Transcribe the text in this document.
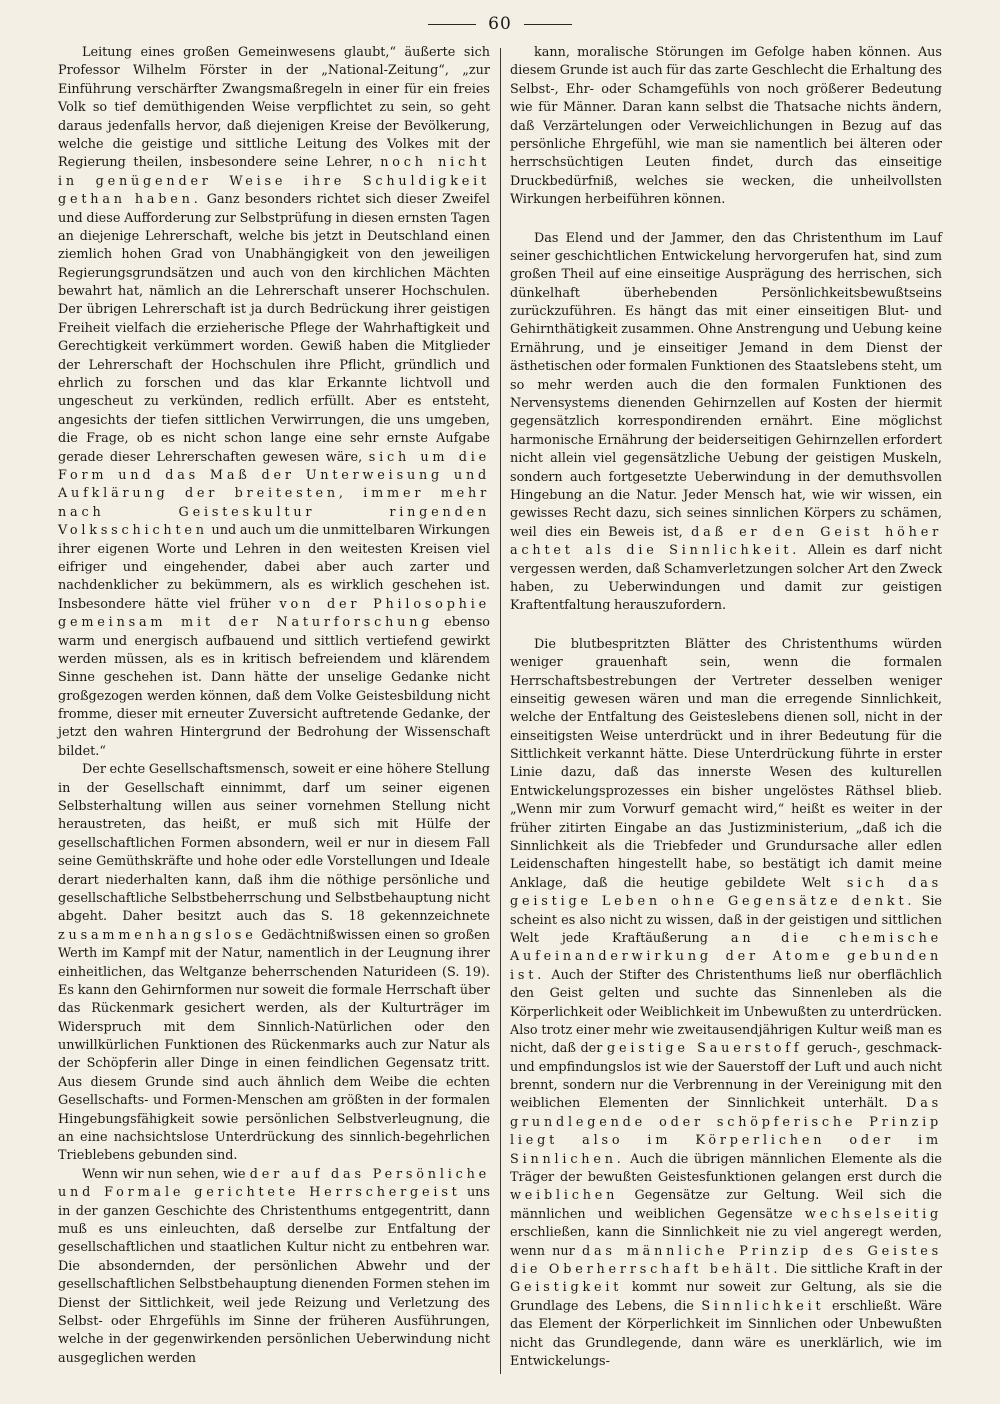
60

Leitung eines großen Gemeinwesens glaubt,“ äußerte sich Professor Wilhelm Förster in der „National-Zeitung“, „zur Einführung verschärfter Zwangsmaßregeln in einer für ein freies Volk so tief demüthigenden Weise verpflichtet zu sein, so geht daraus jedenfalls hervor, daß diejenigen Kreise der Bevölkerung, welche die geistige und sittliche Leitung des Volkes mit der Regierung theilen, insbesondere seine Lehrer, noch nicht in genügender Weise ihre Schuldigkeit gethan haben. Ganz besonders richtet sich dieser Zweifel und diese Aufforderung zur Selbstprüfung in diesen ernsten Tagen an diejenige Lehrerschaft, welche bis jetzt in Deutschland einen ziemlich hohen Grad von Unabhängigkeit von den jeweiligen Regierungsgrundsätzen und auch von den kirchlichen Mächten bewahrt hat, nämlich an die Lehrerschaft unserer Hochschulen. Der übrigen Lehrerschaft ist ja durch Bedrückung ihrer geistigen Freiheit vielfach die erzieherische Pflege der Wahrhaftigkeit und Gerechtigkeit verkümmert worden. Gewiß haben die Mitglieder der Lehrerschaft der Hochschulen ihre Pflicht, gründlich und ehrlich zu forschen und das klar Erkannte lichtvoll und ungescheut zu verkünden, redlich erfüllt. Aber es entsteht, angesichts der tiefen sittlichen Verwirrungen, die uns umgeben, die Frage, ob es nicht schon lange eine sehr ernste Aufgabe gerade dieser Lehrerschaften gewesen wäre, sich um die Form und das Maß der Unterweisung und Aufklärung der breitesten, immer mehr nach Geisteskultur ringenden Volksschichten und auch um die unmittelbaren Wirkungen ihrer eigenen Worte und Lehren in den weitesten Kreisen viel eifriger und eingehender, dabei aber auch zarter und nachdenklicher zu bekümmern, als es wirklich geschehen ist. Insbesondere hätte viel früher von der Philosophie gemeinsam mit der Naturforschung ebenso warm und energisch aufbauend und sittlich vertiefend gewirkt werden müssen, als es in kritisch befreiendem und klärendem Sinne geschehen ist. Dann hätte der unselige Gedanke nicht großgezogen werden können, daß dem Volke Geistesbildung nicht fromme, dieser mit erneuter Zuversicht auftretende Gedanke, der jetzt den wahren Hintergrund der Bedrohung der Wissenschaft bildet.“

Der echte Gesellschaftsmensch, soweit er eine höhere Stellung in der Gesellschaft einnimmt, darf um seiner eigenen Selbsterhaltung willen aus seiner vornehmen Stellung nicht heraustreten, das heißt, er muß sich mit Hülfe der gesellschaftlichen Formen absondern, weil er nur in diesem Fall seine Gemüthskräfte und hohe oder edle Vorstellungen und Ideale derart niederhalten kann, daß ihm die nöthige persönliche und gesellschaftliche Selbstbeherrschung und Selbstbehauptung nicht abgeht. Daher besitzt auch das S. 18 gekennzeichnete zusammenhangslose Gedächtnißwissen einen so großen Werth im Kampf mit der Natur, namentlich in der Leugnung ihrer einheitlichen, das Weltganze beherrschenden Naturideen (S. 19). Es kann den Gehirnformen nur soweit die formale Herrschaft über das Rückenmark gesichert werden, als der Kulturträger im Widerspruch mit dem Sinnlich-Natürlichen oder den unwillkürlichen Funktionen des Rückenmarks auch zur Natur als der Schöpferin aller Dinge in einen feindlichen Gegensatz tritt. Aus diesem Grunde sind auch ähnlich dem Weibe die echten Gesellschafts- und Formen-Menschen am größten in der formalen Hingebungsfähigkeit sowie persönlichen Selbstverleugnung, die an eine nachsichtslose Unterdrückung des sinnlich-begehrlichen Trieblebens gebunden sind.

Wenn wir nun sehen, wie der auf das Persönliche und Formale gerichtete Herrschergeist uns in der ganzen Geschichte des Christenthums entgegentritt, dann muß es uns einleuchten, daß derselbe zur Entfaltung der gesellschaftlichen und staatlichen Kultur nicht zu entbehren war. Die absondernden, der persönlichen Abwehr und der gesellschaftlichen Selbstbehauptung dienenden Formen stehen im Dienst der Sittlichkeit, weil jede Reizung und Verletzung des Selbst- oder Ehrgefühls im Sinne der früheren Ausführungen, welche in der gegenwirkenden persönlichen Ueberwindung nicht ausgeglichen werden

kann, moralische Störungen im Gefolge haben können. Aus diesem Grunde ist auch für das zarte Geschlecht die Erhaltung des Selbst-, Ehr- oder Schamgefühls von noch größerer Bedeutung wie für Männer. Daran kann selbst die Thatsache nichts ändern, daß Verzärtelungen oder Verweichlichungen in Bezug auf das persönliche Ehrgefühl, wie man sie namentlich bei älteren oder herrschsüchtigen Leuten findet, durch das einseitige Druckbedürfniß, welches sie wecken, die unheilvollsten Wirkungen herbeiführen können.

Das Elend und der Jammer, den das Christenthum im Lauf seiner geschichtlichen Entwickelung hervorgerufen hat, sind zum großen Theil auf eine einseitige Ausprägung des herrischen, sich dünkelhaft überhebenden Persönlichkeitsbewußtseins zurückzuführen. Es hängt das mit einer einseitigen Blut- und Gehirnthätigkeit zusammen. Ohne Anstrengung und Uebung keine Ernährung, und je einseitiger Jemand in dem Dienst der ästhetischen oder formalen Funktionen des Staatslebens steht, um so mehr werden auch die den formalen Funktionen des Nervensystems dienenden Gehirnzellen auf Kosten der hiermit gegensätzlich korrespondirenden ernährt. Eine möglichst harmonische Ernährung der beiderseitigen Gehirnzellen erfordert nicht allein viel gegensätzliche Uebung der geistigen Muskeln, sondern auch fortgesetzte Ueberwindung in der demuthsvollen Hingebung an die Natur. Jeder Mensch hat, wie wir wissen, ein gewisses Recht dazu, sich seines sinnlichen Körpers zu schämen, weil dies ein Beweis ist, daß er den Geist höher achtet als die Sinnlichkeit. Allein es darf nicht vergessen werden, daß Schamverletzungen solcher Art den Zweck haben, zu Ueberwindungen und damit zur geistigen Kraftentfaltung herauszufordern.

Die blutbespritzten Blätter des Christenthums würden weniger grauenhaft sein, wenn die formalen Herrschaftsbestrebungen der Vertreter desselben weniger einseitig gewesen wären und man die erregende Sinnlichkeit, welche der Entfaltung des Geisteslebens dienen soll, nicht in der einseitigsten Weise unterdrückt und in ihrer Bedeutung für die Sittlichkeit verkannt hätte. Diese Unterdrückung führte in erster Linie dazu, daß das innerste Wesen des kulturellen Entwickelungsprozesses ein bisher ungelöstes Räthsel blieb. „Wenn mir zum Vorwurf gemacht wird,“ heißt es weiter in der früher zitirten Eingabe an das Justizministerium, „daß ich die Sinnlichkeit als die Triebfeder und Grundursache aller edlen Leidenschaften hingestellt habe, so bestätigt ich damit meine Anklage, daß die heutige gebildete Welt sich das geistige Leben ohne Gegensätze denkt. Sie scheint es also nicht zu wissen, daß in der geistigen und sittlichen Welt jede Kraftäußerung an die chemische Aufeinanderwirkung der Atome gebunden ist. Auch der Stifter des Christenthums ließ nur oberflächlich den Geist gelten und suchte das Sinnenleben als die Körperlichkeit oder Weiblichkeit im Unbewußten zu unterdrücken. Also trotz einer mehr wie zweitausendjährigen Kultur weiß man es nicht, daß der geistige Sauerstoff geruch-, geschmack- und empfindungslos ist wie der Sauerstoff der Luft und auch nicht brennt, sondern nur die Verbrennung in der Vereinigung mit den weiblichen Elementen der Sinnlichkeit unterhält. Das grundlegende oder schöpferische Prinzip liegt also im Körperlichen oder im Sinnlichen. Auch die übrigen männlichen Elemente als die Träger der bewußten Geistesfunktionen gelangen erst durch die weiblichen Gegensätze zur Geltung. Weil sich die männlichen und weiblichen Gegensätze wechselseitig erschließen, kann die Sinnlichkeit nie zu viel angeregt werden, wenn nur das männliche Prinzip des Geistes die Oberherrschaft behält. Die sittliche Kraft in der Geistigkeit kommt nur soweit zur Geltung, als sie die Grundlage des Lebens, die Sinnlichkeit erschließt. Wäre das Element der Körperlichkeit im Sinnlichen oder Unbewußten nicht das Grundlegende, dann wäre es unerklärlich, wie im Entwickelungs-
